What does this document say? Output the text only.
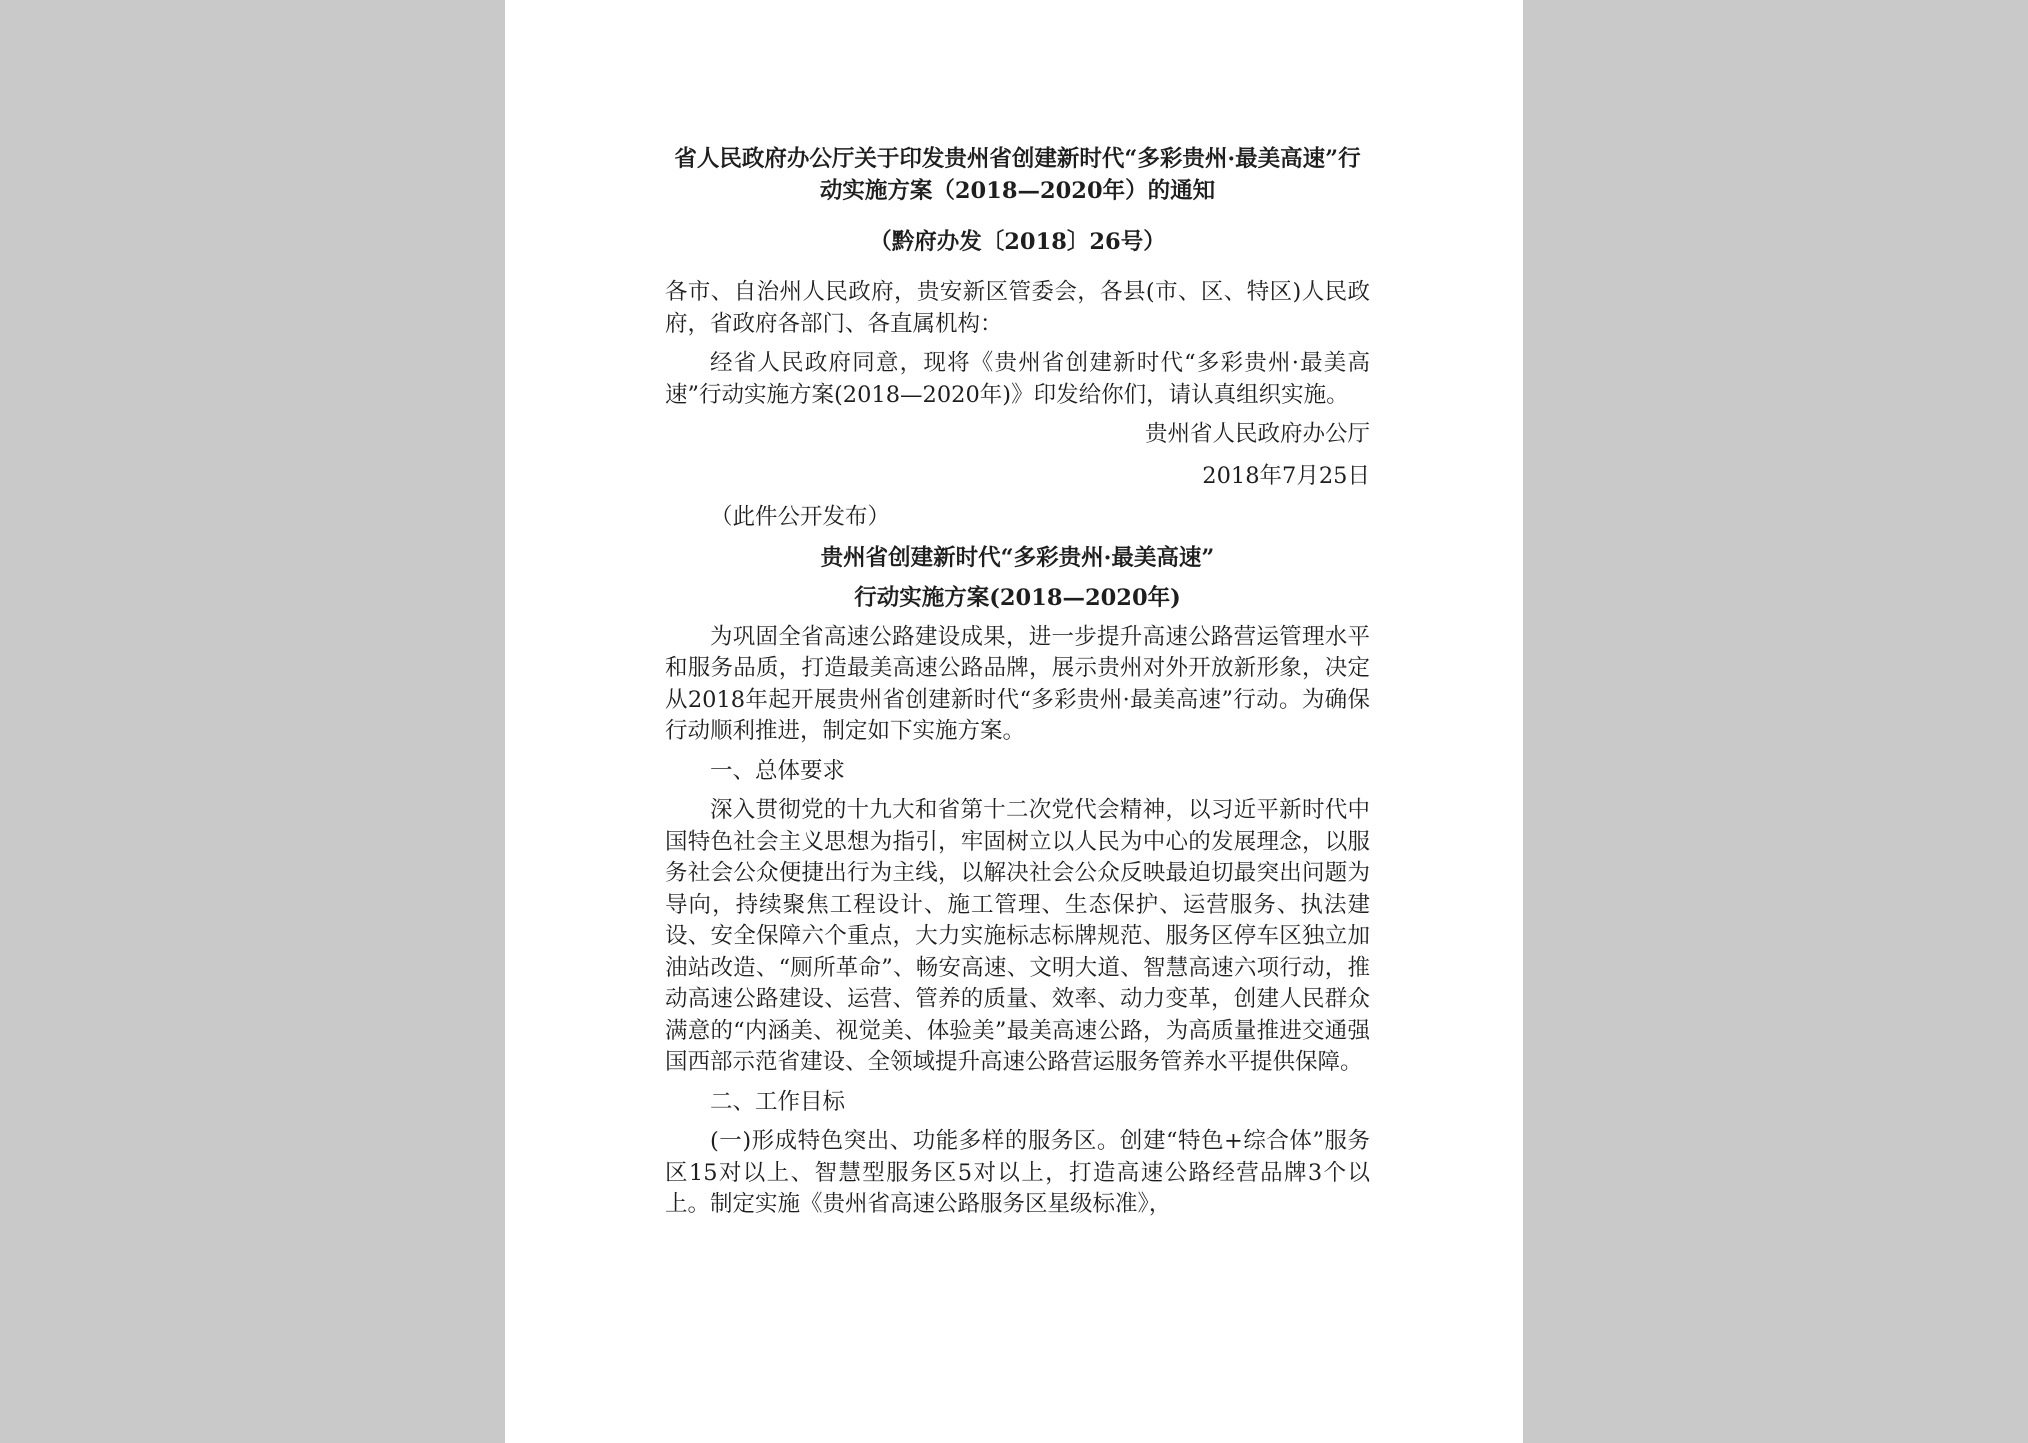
省人民政府办公厅关于印发贵州省创建新时代“多彩贵州·最美高速”行动实施方案（2018—2020年）的通知

（黔府办发〔2018〕26号）

各市、自治州人民政府，贵安新区管委会，各县(市、区、特区)人民政府，省政府各部门、各直属机构：

经省人民政府同意，现将《贵州省创建新时代“多彩贵州·最美高速”行动实施方案(2018—2020年)》印发给你们，请认真组织实施。

贵州省人民政府办公厅

2018年7月25日

（此件公开发布）

贵州省创建新时代“多彩贵州·最美高速”

行动实施方案(2018—2020年)

为巩固全省高速公路建设成果，进一步提升高速公路营运管理水平和服务品质，打造最美高速公路品牌，展示贵州对外开放新形象，决定从2018年起开展贵州省创建新时代“多彩贵州·最美高速”行动。为确保行动顺利推进，制定如下实施方案。

一、总体要求

深入贯彻党的十九大和省第十二次党代会精神，以习近平新时代中国特色社会主义思想为指引，牢固树立以人民为中心的发展理念，以服务社会公众便捷出行为主线，以解决社会公众反映最迫切最突出问题为导向，持续聚焦工程设计、施工管理、生态保护、运营服务、执法建设、安全保障六个重点，大力实施标志标牌规范、服务区停车区独立加油站改造、“厕所革命”、畅安高速、文明大道、智慧高速六项行动，推动高速公路建设、运营、管养的质量、效率、动力变革，创建人民群众满意的“内涵美、视觉美、体验美”最美高速公路，为高质量推进交通强国西部示范省建设、全领域提升高速公路营运服务管养水平提供保障。

二、工作目标

(一)形成特色突出、功能多样的服务区。创建“特色+综合体”服务区15对以上、智慧型服务区5对以上，打造高速公路经营品牌3个以上。制定实施《贵州省高速公路服务区星级标准》，
